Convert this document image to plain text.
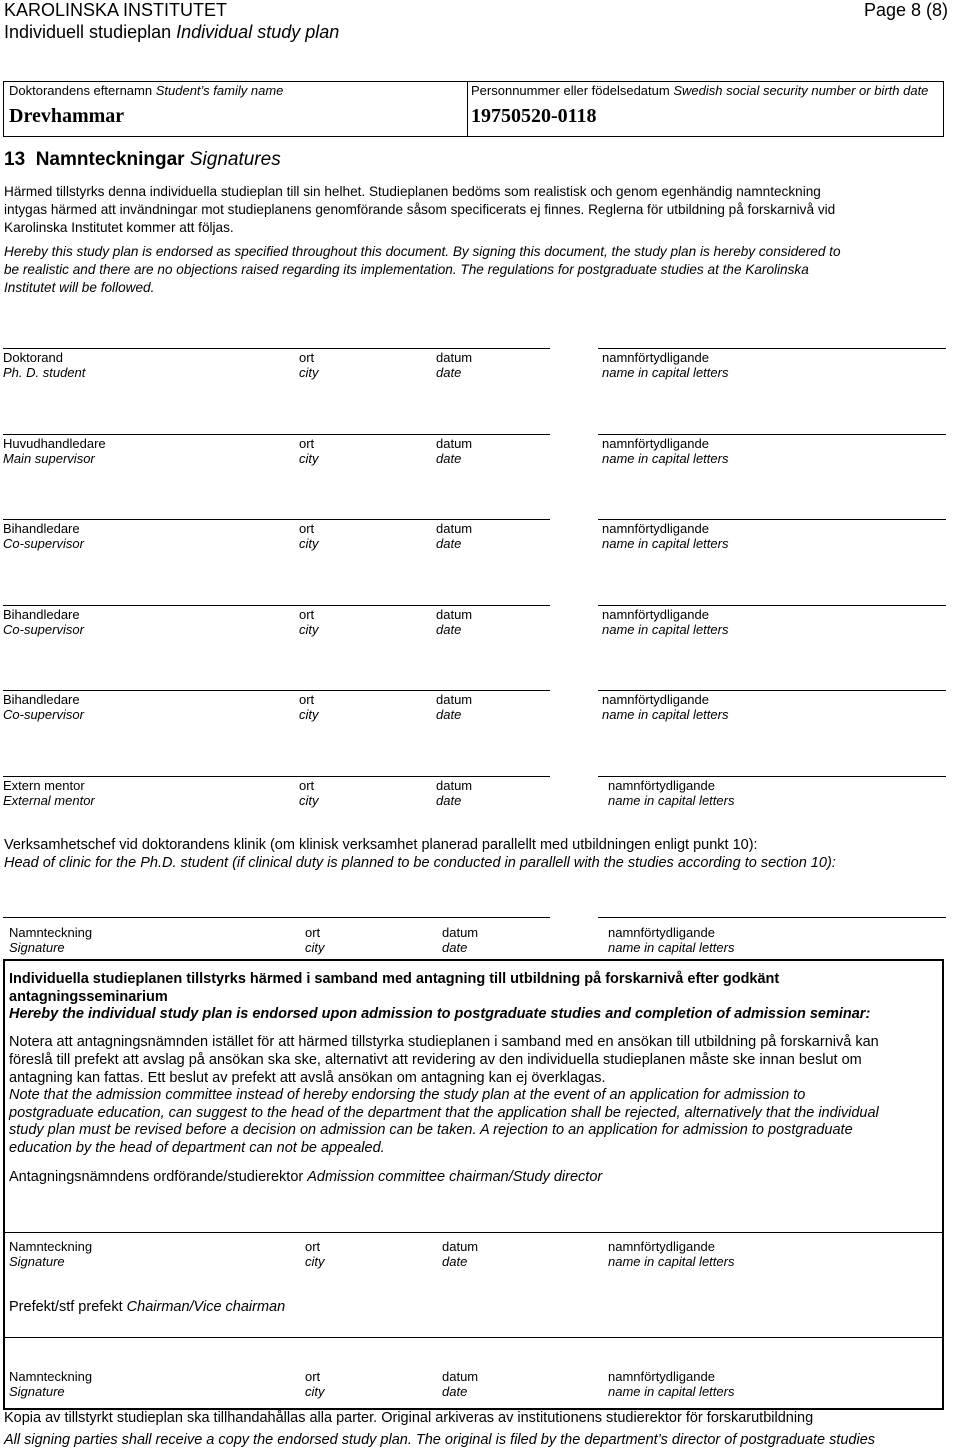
KAROLINSKA INSTITUTET	Page 8 (8)
Individuell studieplan Individual study plan
Doktorandens efternamn Student’s family name
Drevhammar
Personnummer eller födelsedatum Swedish social security number or birth date
19750520-0118
13 Namnteckningar Signatures
Härmed tillstyrks denna individuella studieplan till sin helhet. Studieplanen bedöms som realistisk och genom egenhändig namnteckning
intygas härmed att invändningar mot studieplanens genomförande såsom specificerats ej finnes. Reglerna för utbildning på forskarnivå vid
Karolinska Institutet kommer att följas.
Hereby this study plan is endorsed as specified throughout this document. By signing this document, the study plan is hereby considered to
be realistic and there are no objections raised regarding its implementation. The regulations for postgraduate studies at the Karolinska
Institutet will be followed.
Doktorand
Ph. D. student
ort
city
datum
date
namnförtydligande
name in capital letters
Huvudhandledare
Main supervisor
ort
city
datum
date
namnförtydligande
name in capital letters
Bihandledare
Co-supervisor
ort
city
datum
date
namnförtydligande
name in capital letters
Bihandledare
Co-supervisor
ort
city
datum
date
namnförtydligande
name in capital letters
Bihandledare
Co-supervisor
ort
city
datum
date
namnförtydligande
name in capital letters
Extern mentor
External mentor
ort
city
datum
date
namnförtydligande
name in capital letters
Verksamhetschef vid doktorandens klinik (om klinisk verksamhet planerad parallellt med utbildningen enligt punkt 10):
Head of clinic for the Ph.D. student (if clinical duty is planned to be conducted in parallell with the studies according to section 10):
Namnteckning
Signature
ort
city
datum
date
namnförtydligande
name in capital letters
Individuella studieplanen tillstyrks härmed i samband med antagning till utbildning på forskarnivå efter godkänt
antagningsseminarium
Hereby the individual study plan is endorsed upon admission to postgraduate studies and completion of admission seminar:
Notera att antagningsnämnden istället för att härmed tillstyrka studieplanen i samband med en ansökan till utbildning på forskarnivå kan
föreslå till prefekt att avslag på ansökan ska ske, alternativt att revidering av den individuella studieplanen måste ske innan beslut om
antagning kan fattas. Ett beslut av prefekt att avslå ansökan om antagning kan ej överklagas.
Note that the admission committee instead of hereby endorsing the study plan at the event of an application for admission to
postgraduate education, can suggest to the head of the department that the application shall be rejected, alternatively that the individual
study plan must be revised before a decision on admission can be taken. A rejection to an application for admission to postgraduate
education by the head of department can not be appealed.
Antagningsnämndens ordförande/studierektor Admission committee chairman/Study director
Namnteckning
Signature
ort
city
datum
date
namnförtydligande
name in capital letters
Prefekt/stf prefekt Chairman/Vice chairman
Namnteckning
Signature
ort
city
datum
date
namnförtydligande
name in capital letters
Kopia av tillstyrkt studieplan ska tillhandahållas alla parter. Original arkiveras av institutionens studierektor för forskarutbildning
All signing parties shall receive a copy the endorsed study plan. The original is filed by the department’s director of postgraduate studies
